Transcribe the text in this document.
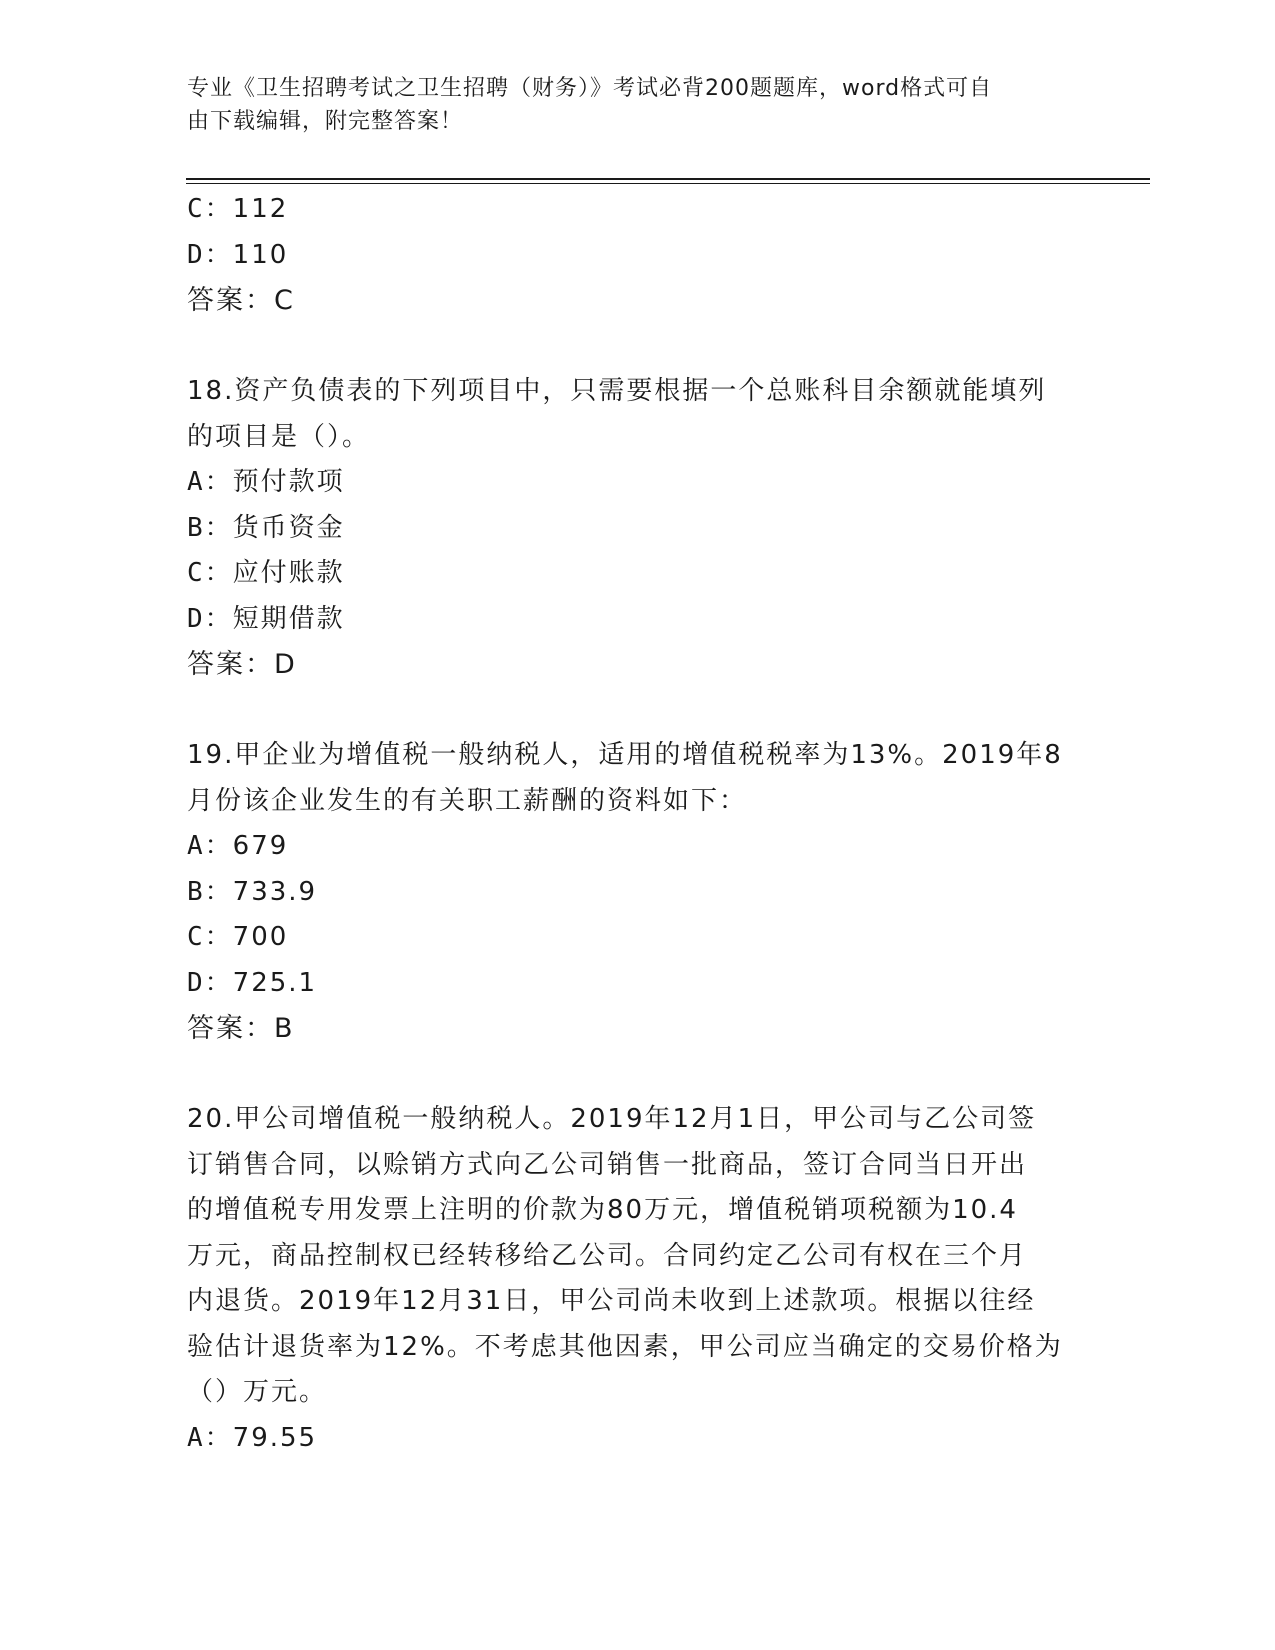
专业《卫生招聘考试之卫生招聘（财务）》考试必背200题题库，word格式可自
由下载编辑，附完整答案！
C：112
D：110
答案：C
18.资产负债表的下列项目中，只需要根据一个总账科目余额就能填列
的项目是（）。
A：预付款项
B：货币资金
C：应付账款
D：短期借款
答案：D
19.甲企业为增值税一般纳税人，适用的增值税税率为13%。2019年8
月份该企业发生的有关职工薪酬的资料如下：
A：679
B：733.9
C：700
D：725.1
答案：B
20.甲公司增值税一般纳税人。2019年12月1日，甲公司与乙公司签
订销售合同，以赊销方式向乙公司销售一批商品，签订合同当日开出
的增值税专用发票上注明的价款为80万元，增值税销项税额为10.4
万元，商品控制权已经转移给乙公司。合同约定乙公司有权在三个月
内退货。2019年12月31日，甲公司尚未收到上述款项。根据以往经
验估计退货率为12%。不考虑其他因素，甲公司应当确定的交易价格为
（）万元。
A：79.55
